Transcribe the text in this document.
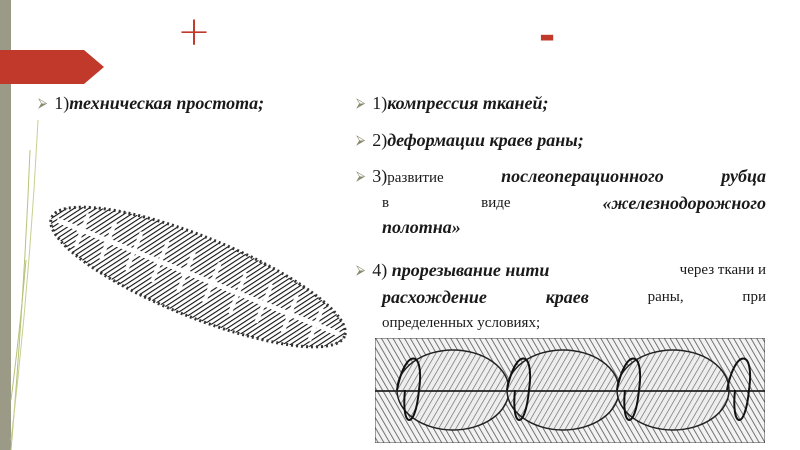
+	-
⮚ 1)техническая простота;	⮚ 1)компрессия тканей;
⮚ 2)деформации краев раны;
⮚ 3)развитие	послеоперационного	рубца
в	виде	«железнодорожного
полотна»
⮚ 4) прорезывание нити	через ткани и
расхождение	краев	раны,	при
определенных условиях;
